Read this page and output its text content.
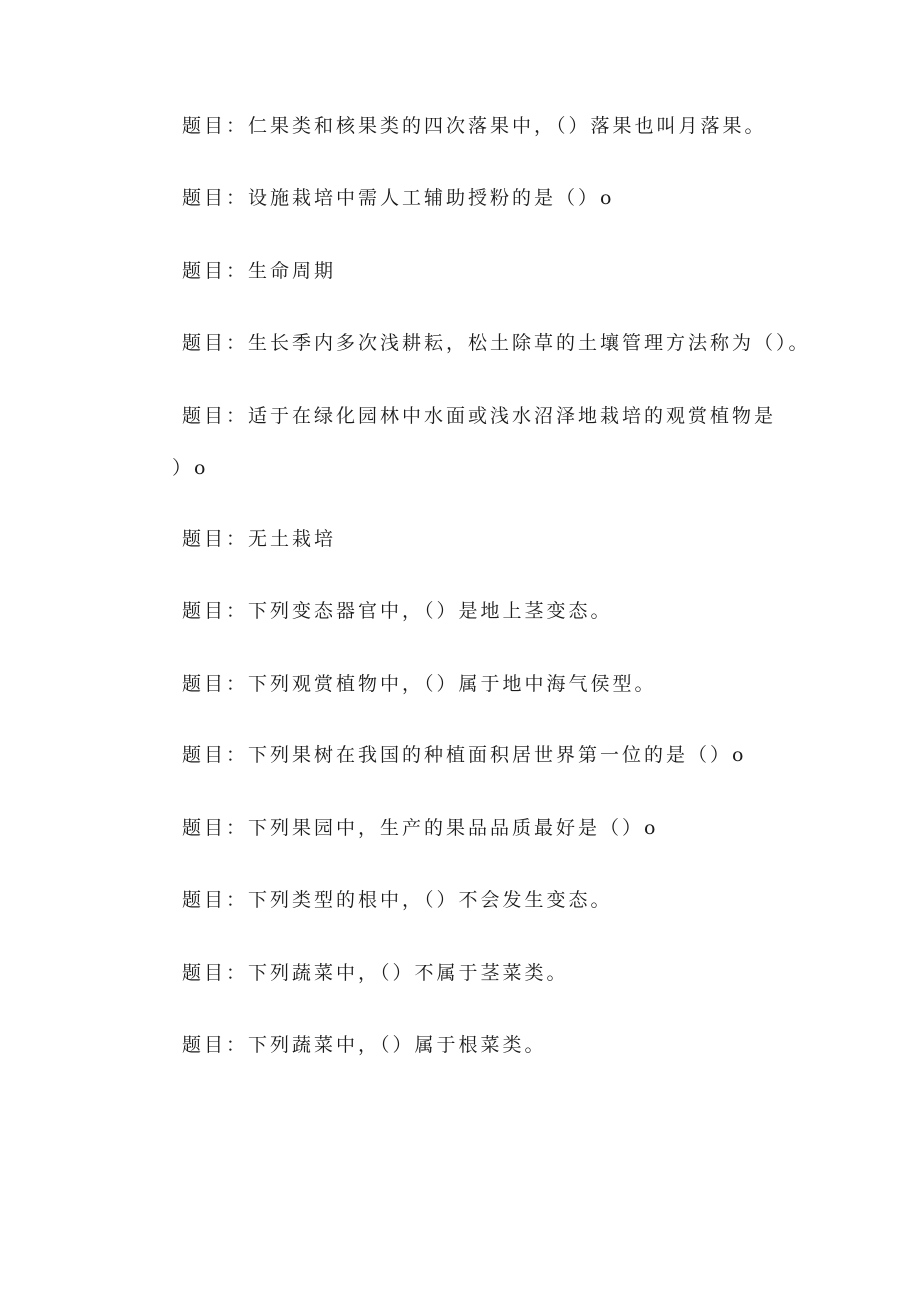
题目：仁果类和核果类的四次落果中，（）落果也叫月落果。

题目：设施栽培中需人工辅助授粉的是（）o

题目：生命周期

题目：生长季内多次浅耕耘，松土除草的土壤管理方法称为（）。

题目：适于在绿化园林中水面或浅水沼泽地栽培的观赏植物是

）o

题目：无土栽培

题目：下列变态器官中，（）是地上茎变态。

题目：下列观赏植物中，（）属于地中海气侯型。

题目：下列果树在我国的种植面积居世界第一位的是（）o

题目：下列果园中，生产的果品品质最好是（）o

题目：下列类型的根中，（）不会发生变态。

题目：下列蔬菜中，（）不属于茎菜类。

题目：下列蔬菜中，（）属于根菜类。
